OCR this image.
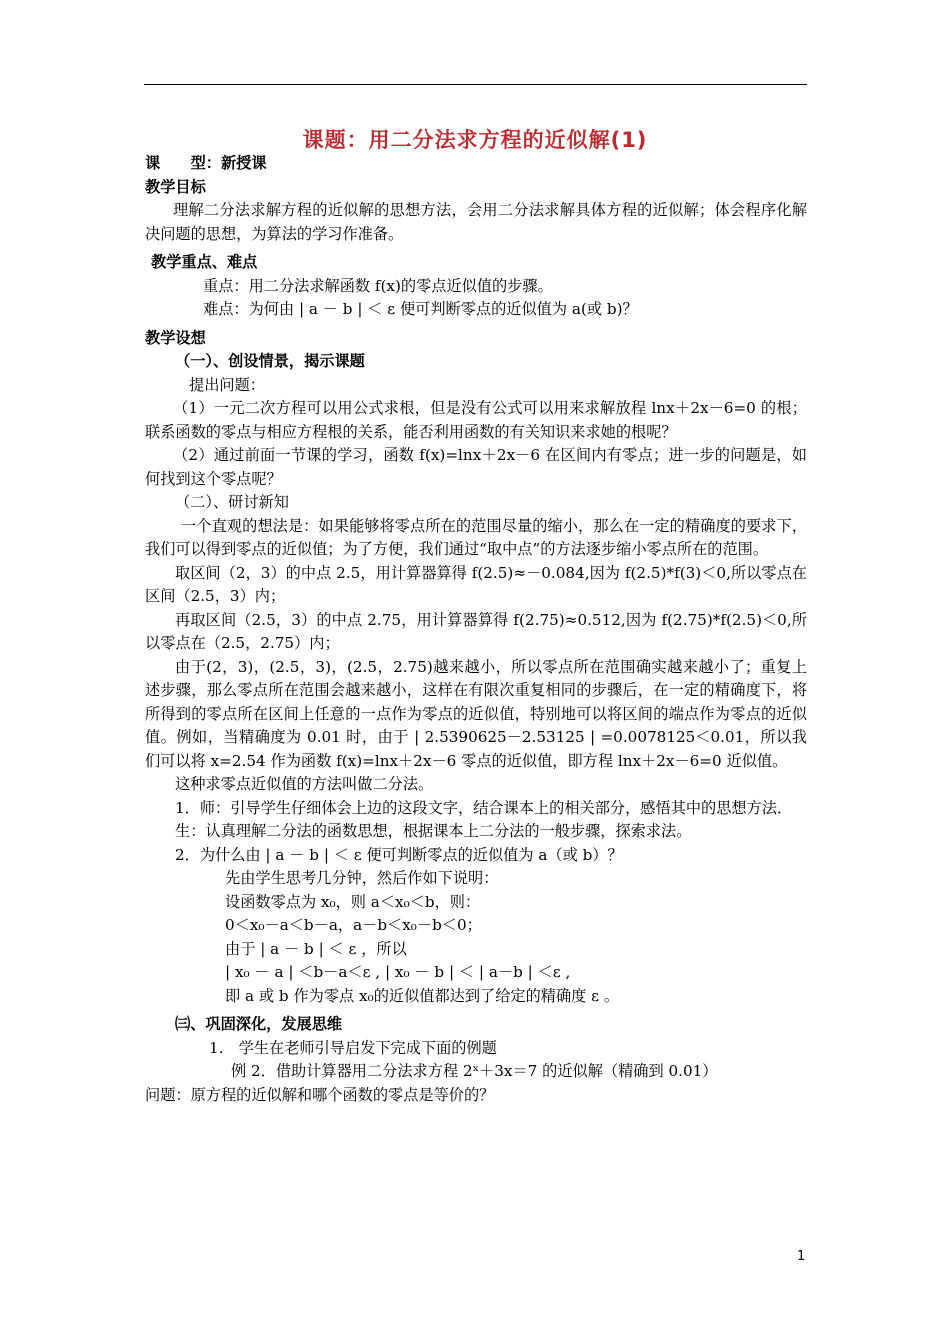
课题：用二分法求方程的近似解(1)
课　　型：新授课
教学目标
理解二分法求解方程的近似解的思想方法，会用二分法求解具体方程的近似解；体会程序化解决问题的思想，为算法的学习作准备。
教学重点、难点
重点：用二分法求解函数 f(x)的零点近似值的步骤。
难点：为何由 | a － b | ＜ ε 便可判断零点的近似值为 a(或 b)？
教学设想
（一）、创设情景，揭示课题
提出问题：
（1）一元二次方程可以用公式求根，但是没有公式可以用来求解放程 lnx＋2x－6=0 的根；联系函数的零点与相应方程根的关系，能否利用函数的有关知识来求她的根呢？
（2）通过前面一节课的学习，函数 f(x)=lnx＋2x－6 在区间内有零点；进一步的问题是，如何找到这个零点呢？
（二）、研讨新知
一个直观的想法是：如果能够将零点所在的范围尽量的缩小，那么在一定的精确度的要求下，我们可以得到零点的近似值；为了方便，我们通过“取中点”的方法逐步缩小零点所在的范围。
取区间（2，3）的中点 2.5，用计算器算得 f(2.5)≈－0.084,因为 f(2.5)*f(3)＜0,所以零点在区间（2.5，3）内；
再取区间（2.5，3）的中点 2.75，用计算器算得 f(2.75)≈0.512,因为 f(2.75)*f(2.5)＜0,所以零点在（2.5，2.75）内；
由于(2，3)，(2.5，3)，(2.5，2.75)越来越小，所以零点所在范围确实越来越小了；重复上述步骤，那么零点所在范围会越来越小，这样在有限次重复相同的步骤后，在一定的精确度下，将所得到的零点所在区间上任意的一点作为零点的近似值，特别地可以将区间的端点作为零点的近似值。例如，当精确度为 0.01 时，由于 | 2.5390625－2.53125 | =0.0078125＜0.01，所以我们可以将 x=2.54 作为函数 f(x)=lnx＋2x－6 零点的近似值，即方程 lnx＋2x－6=0 近似值。
这种求零点近似值的方法叫做二分法。
1．师：引导学生仔细体会上边的这段文字，结合课本上的相关部分，感悟其中的思想方法．
生：认真理解二分法的函数思想，根据课本上二分法的一般步骤，探索求法。
2．为什么由 | a － b | ＜ ε 便可判断零点的近似值为 a（或 b）？
先由学生思考几分钟，然后作如下说明：
设函数零点为 x₀，则 a＜x₀＜b，则：
0＜x₀－a＜b－a，a－b＜x₀－b＜0；
由于 | a － b | ＜ ε ，所以
| x₀ － a | ＜b－a＜ε , | x₀ － b | ＜ | a－b | ＜ε ,
即 a 或 b 作为零点 x₀的近似值都达到了给定的精确度 ε 。
㈢、巩固深化，发展思维
1.　学生在老师引导启发下完成下面的例题
例 2．借助计算器用二分法求方程 2ˣ＋3x＝7 的近似解（精确到 0.01）
问题：原方程的近似解和哪个函数的零点是等价的？
1
